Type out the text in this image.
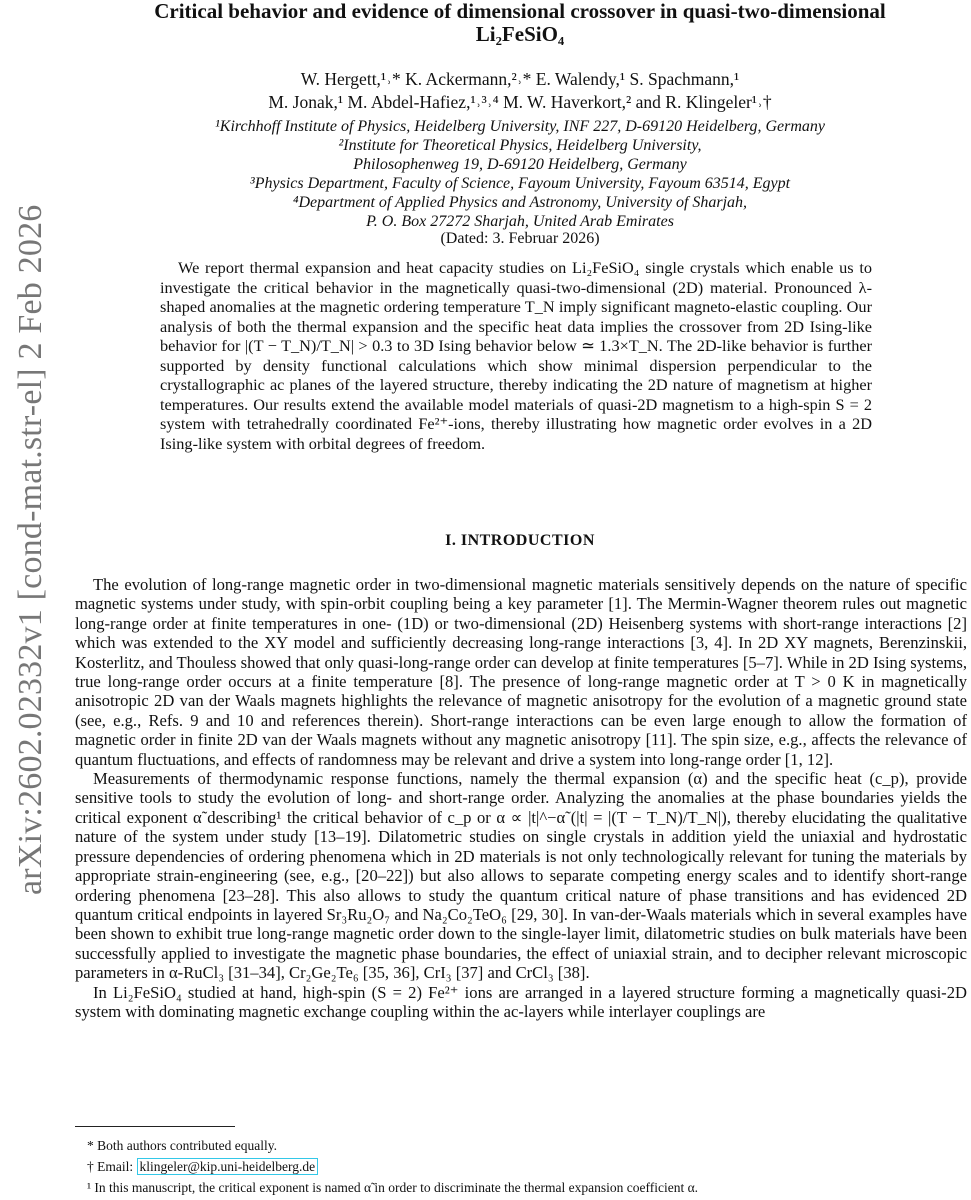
arXiv:2602.02332v1 [cond-mat.str-el] 2 Feb 2026
Critical behavior and evidence of dimensional crossover in quasi-two-dimensional
Li₂FeSiO₄
W. Hergett,¹˒* K. Ackermann,²˒* E. Walendy,¹ S. Spachmann,¹
M. Jonak,¹ M. Abdel-Hafiez,¹˒³˒⁴ M. W. Haverkort,² and R. Klingeler¹˒†
¹Kirchhoff Institute of Physics, Heidelberg University, INF 227, D-69120 Heidelberg, Germany
²Institute for Theoretical Physics, Heidelberg University,
Philosophenweg 19, D-69120 Heidelberg, Germany
³Physics Department, Faculty of Science, Fayoum University, Fayoum 63514, Egypt
⁴Department of Applied Physics and Astronomy, University of Sharjah,
P. O. Box 27272 Sharjah, United Arab Emirates
(Dated: 3. Februar 2026)
We report thermal expansion and heat capacity studies on Li₂FeSiO₄ single crystals which enable us to investigate the critical behavior in the magnetically quasi-two-dimensional (2D) material. Pronounced λ-shaped anomalies at the magnetic ordering temperature T_N imply significant magneto-elastic coupling. Our analysis of both the thermal expansion and the specific heat data implies the crossover from 2D Ising-like behavior for |(T − T_N)/T_N| > 0.3 to 3D Ising behavior below ≃ 1.3×T_N. The 2D-like behavior is further supported by density functional calculations which show minimal dispersion perpendicular to the crystallographic ac planes of the layered structure, thereby indicating the 2D nature of magnetism at higher temperatures. Our results extend the available model materials of quasi-2D magnetism to a high-spin S = 2 system with tetrahedrally coordinated Fe²⁺-ions, thereby illustrating how magnetic order evolves in a 2D Ising-like system with orbital degrees of freedom.
I. INTRODUCTION

The evolution of long-range magnetic order in two-dimensional magnetic materials sensitively depends on the nature of specific magnetic systems under study, with spin-orbit coupling being a key parameter [1]. The Mermin-Wagner theorem rules out magnetic long-range order at finite temperatures in one- (1D) or two-dimensional (2D) Heisenberg systems with short-range interactions [2] which was extended to the XY model and sufficiently decreasing long-range interactions [3, 4]. In 2D XY magnets, Berenzinskii, Kosterlitz, and Thouless showed that only quasi-long-range order can develop at finite temperatures [5–7]. While in 2D Ising systems, true long-range order occurs at a finite temperature [8]. The presence of long-range magnetic order at T > 0 K in magnetically anisotropic 2D van der Waals magnets highlights the relevance of magnetic anisotropy for the evolution of a magnetic ground state (see, e.g., Refs. 9 and 10 and references therein). Short-range interactions can be even large enough to allow the formation of magnetic order in finite 2D van der Waals magnets without any magnetic anisotropy [11]. The spin size, e.g., affects the relevance of quantum fluctuations, and effects of randomness may be relevant and drive a system into long-range order [1, 12].

Measurements of thermodynamic response functions, namely the thermal expansion (α) and the specific heat (c_p), provide sensitive tools to study the evolution of long- and short-range order. Analyzing the anomalies at the phase boundaries yields the critical exponent α̃ describing¹ the critical behavior of c_p or α ∝ |t|^−α̃ (|t| = |(T − T_N)/T_N|), thereby elucidating the qualitative nature of the system under study [13–19]. Dilatometric studies on single crystals in addition yield the uniaxial and hydrostatic pressure dependencies of ordering phenomena which in 2D materials is not only technologically relevant for tuning the materials by appropriate strain-engineering (see, e.g., [20–22]) but also allows to separate competing energy scales and to identify short-range ordering phenomena [23–28]. This also allows to study the quantum critical nature of phase transitions and has evidenced 2D quantum critical endpoints in layered Sr₃Ru₂O₇ and Na₂Co₂TeO₆ [29, 30]. In van-der-Waals materials which in several examples have been shown to exhibit true long-range magnetic order down to the single-layer limit, dilatometric studies on bulk materials have been successfully applied to investigate the magnetic phase boundaries, the effect of uniaxial strain, and to decipher relevant microscopic parameters in α-RuCl₃ [31–34], Cr₂Ge₂Te₆ [35, 36], CrI₃ [37] and CrCl₃ [38].

In Li₂FeSiO₄ studied at hand, high-spin (S = 2) Fe²⁺ ions are arranged in a layered structure forming a magnetically quasi-2D system with dominating magnetic exchange coupling within the ac-layers while interlayer couplings are

* Both authors contributed equally.
† Email: klingeler@kip.uni-heidelberg.de
¹ In this manuscript, the critical exponent is named α̃ in order to discriminate the thermal expansion coefficient α.
